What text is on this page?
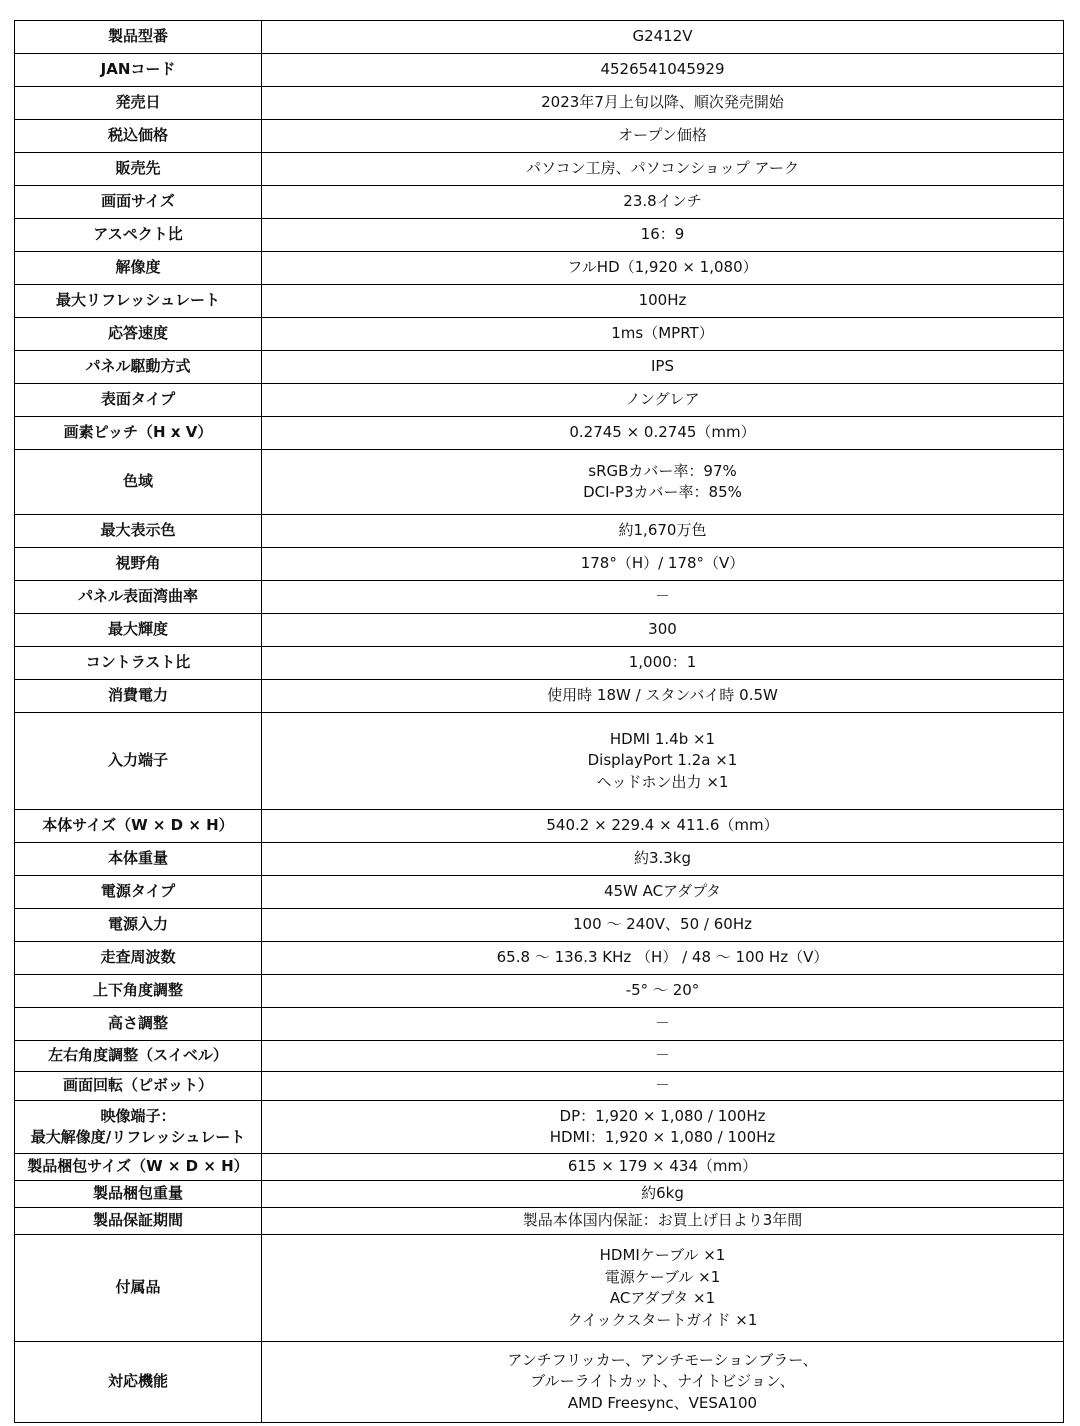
製品型番	G2412V

JANコード	4526541045929

発売日	2023年7月上旬以降、順次発売開始

税込価格	オープン価格

販売先	パソコン工房、パソコンショップ アーク

画面サイズ	23.8インチ

アスペクト比	16：9

解像度	フルHD（1,920 × 1,080）

最大リフレッシュレート	100Hz

応答速度	1ms（MPRT）

パネル駆動方式	IPS

表面タイプ	ノングレア

画素ピッチ（H x V）	0.2745 × 0.2745（mm）

色域	sRGBカバー率：97%
DCI-P3カバー率：85%

最大表示色	約1,670万色

視野角	178°（H）/ 178°（V）

パネル表面湾曲率	－

最大輝度	300

コントラスト比	1,000：1

消費電力	使用時 18W / スタンバイ時 0.5W

入力端子	HDMI 1.4b ×1
DisplayPort 1.2a ×1
ヘッドホン出力 ×1

本体サイズ（W × D × H）	540.2 × 229.4 × 411.6（mm）

本体重量	約3.3kg

電源タイプ	45W ACアダプタ

電源入力	100 ～ 240V、50 / 60Hz

走査周波数	65.8 ～ 136.3 KHz （H） / 48 ～ 100 Hz（V）

上下角度調整	-5° ～ 20°

高さ調整	－

左右角度調整（スイベル）	－

画面回転（ピボット）	－

映像端子：
最大解像度/リフレッシュレート	DP：1,920 × 1,080 / 100Hz
HDMI：1,920 × 1,080 / 100Hz

製品梱包サイズ（W × D × H）	615 × 179 × 434（mm）

製品梱包重量	約6kg

製品保証期間	製品本体国内保証：お買上げ日より3年間

付属品	HDMIケーブル ×1
電源ケーブル ×1
ACアダプタ ×1
クイックスタートガイド ×1

対応機能	アンチフリッカー、アンチモーションブラー、
ブルーライトカット、ナイトビジョン、
AMD Freesync、VESA100
